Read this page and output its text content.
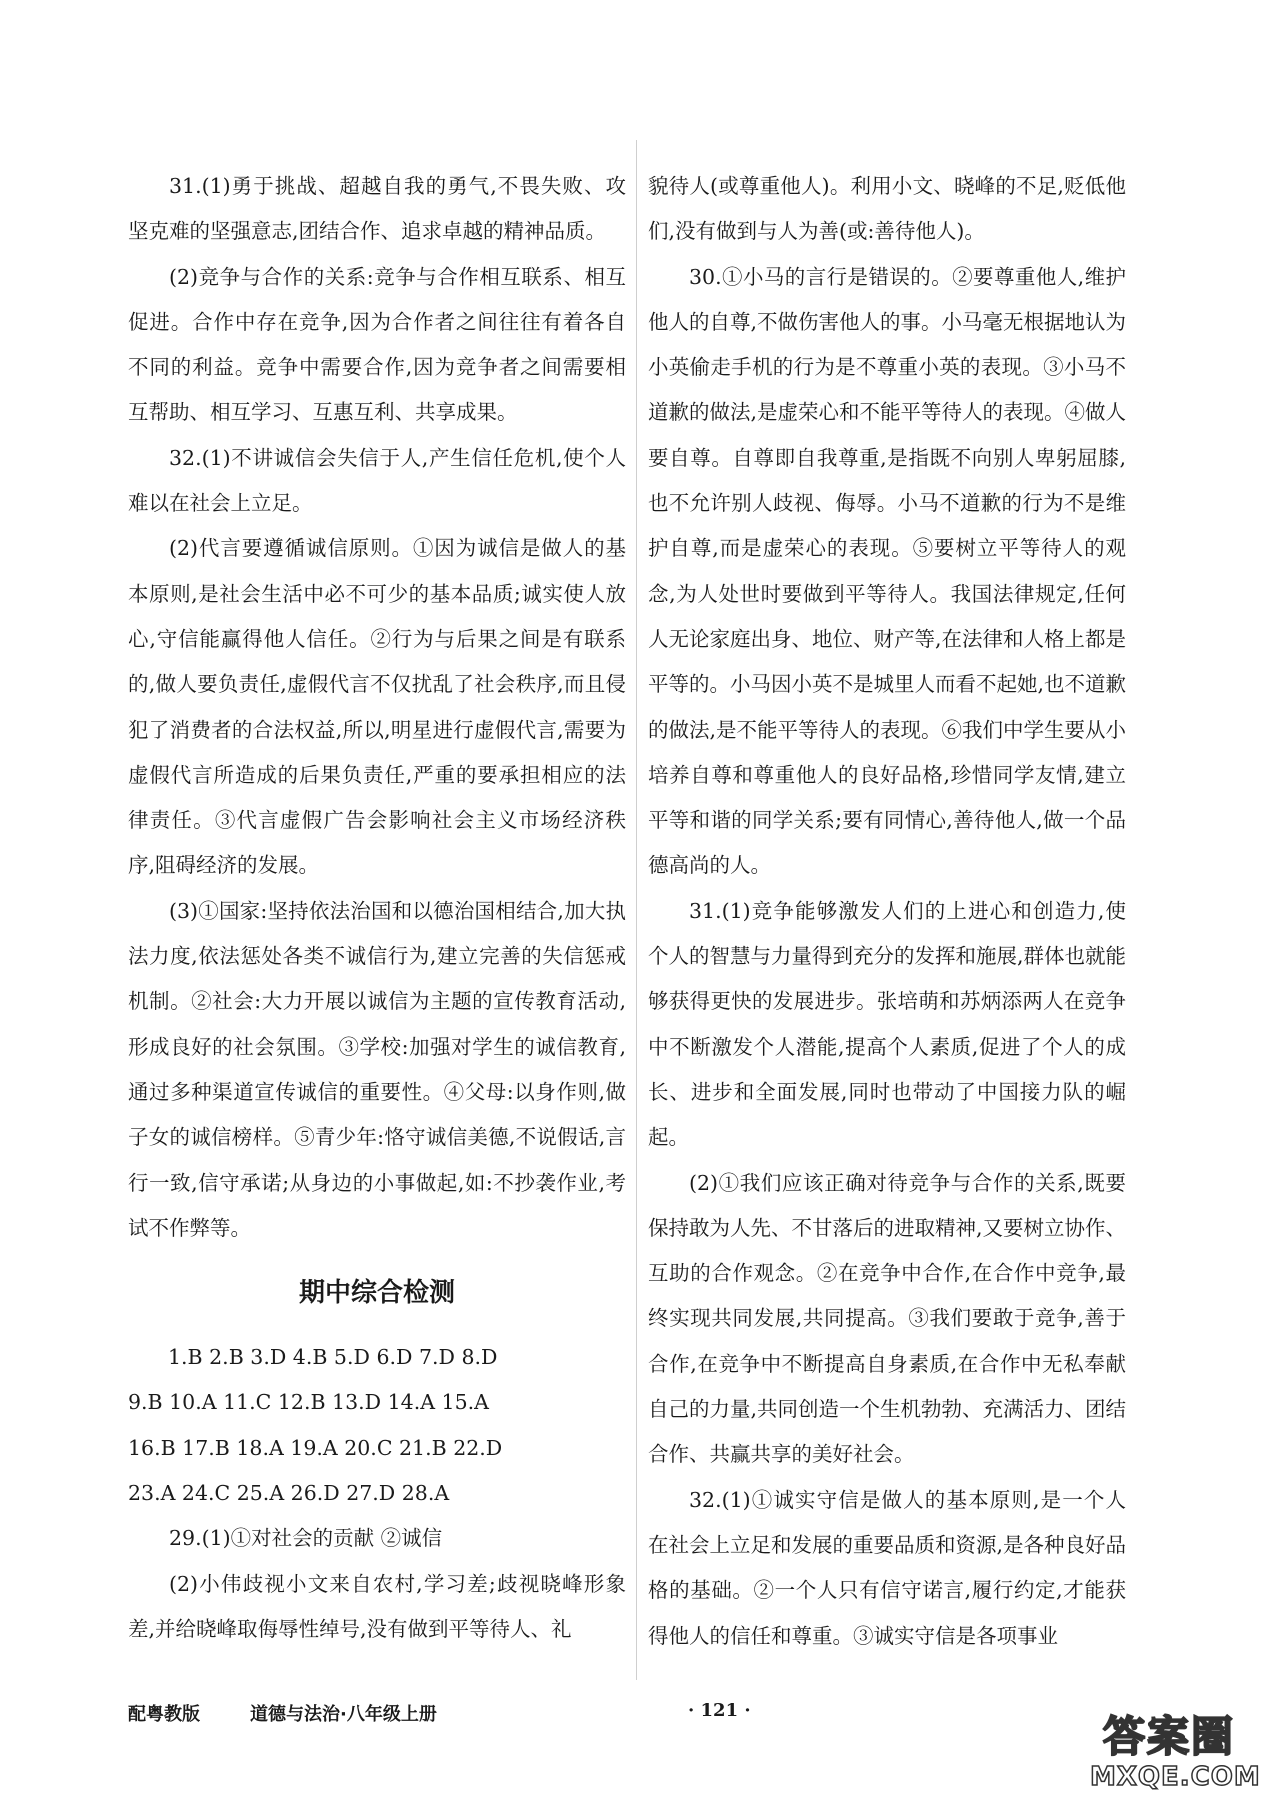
31.(1)勇于挑战、超越自我的勇气,不畏失败、攻坚克难的坚强意志,团结合作、追求卓越的精神品质。

(2)竞争与合作的关系:竞争与合作相互联系、相互促进。合作中存在竞争,因为合作者之间往往有着各自不同的利益。竞争中需要合作,因为竞争者之间需要相互帮助、相互学习、互惠互利、共享成果。

32.(1)不讲诚信会失信于人,产生信任危机,使个人难以在社会上立足。

(2)代言要遵循诚信原则。①因为诚信是做人的基本原则,是社会生活中必不可少的基本品质;诚实使人放心,守信能赢得他人信任。②行为与后果之间是有联系的,做人要负责任,虚假代言不仅扰乱了社会秩序,而且侵犯了消费者的合法权益,所以,明星进行虚假代言,需要为虚假代言所造成的后果负责任,严重的要承担相应的法律责任。③代言虚假广告会影响社会主义市场经济秩序,阻碍经济的发展。

(3)①国家:坚持依法治国和以德治国相结合,加大执法力度,依法惩处各类不诚信行为,建立完善的失信惩戒机制。②社会:大力开展以诚信为主题的宣传教育活动,形成良好的社会氛围。③学校:加强对学生的诚信教育,通过多种渠道宣传诚信的重要性。④父母:以身作则,做子女的诚信榜样。⑤青少年:恪守诚信美德,不说假话,言行一致,信守承诺;从身边的小事做起,如:不抄袭作业,考试不作弊等。

期中综合检测

1.B 2.B 3.D 4.B 5.D 6.D 7.D 8.D

9.B 10.A 11.C 12.B 13.D 14.A 15.A

16.B 17.B 18.A 19.A 20.C 21.B 22.D

23.A 24.C 25.A 26.D 27.D 28.A

29.(1)①对社会的贡献 ②诚信

(2)小伟歧视小文来自农村,学习差;歧视晓峰形象差,并给晓峰取侮辱性绰号,没有做到平等待人、礼

貌待人(或尊重他人)。利用小文、晓峰的不足,贬低他们,没有做到与人为善(或:善待他人)。

30.①小马的言行是错误的。②要尊重他人,维护他人的自尊,不做伤害他人的事。小马毫无根据地认为小英偷走手机的行为是不尊重小英的表现。③小马不道歉的做法,是虚荣心和不能平等待人的表现。④做人要自尊。自尊即自我尊重,是指既不向别人卑躬屈膝,也不允许别人歧视、侮辱。小马不道歉的行为不是维护自尊,而是虚荣心的表现。⑤要树立平等待人的观念,为人处世时要做到平等待人。我国法律规定,任何人无论家庭出身、地位、财产等,在法律和人格上都是平等的。小马因小英不是城里人而看不起她,也不道歉的做法,是不能平等待人的表现。⑥我们中学生要从小培养自尊和尊重他人的良好品格,珍惜同学友情,建立平等和谐的同学关系;要有同情心,善待他人,做一个品德高尚的人。

31.(1)竞争能够激发人们的上进心和创造力,使个人的智慧与力量得到充分的发挥和施展,群体也就能够获得更快的发展进步。张培萌和苏炳添两人在竞争中不断激发个人潜能,提高个人素质,促进了个人的成长、进步和全面发展,同时也带动了中国接力队的崛起。

(2)①我们应该正确对待竞争与合作的关系,既要保持敢为人先、不甘落后的进取精神,又要树立协作、互助的合作观念。②在竞争中合作,在合作中竞争,最终实现共同发展,共同提高。③我们要敢于竞争,善于合作,在竞争中不断提高自身素质,在合作中无私奉献自己的力量,共同创造一个生机勃勃、充满活力、团结合作、共赢共享的美好社会。

32.(1)①诚实守信是做人的基本原则,是一个人在社会上立足和发展的重要品质和资源,是各种良好品格的基础。②一个人只有信守诺言,履行约定,才能获得他人的信任和尊重。③诚实守信是各项事业

配粤教版	道德与法治·八年级上册	· 121 ·
答案圈
MXQE.COM
